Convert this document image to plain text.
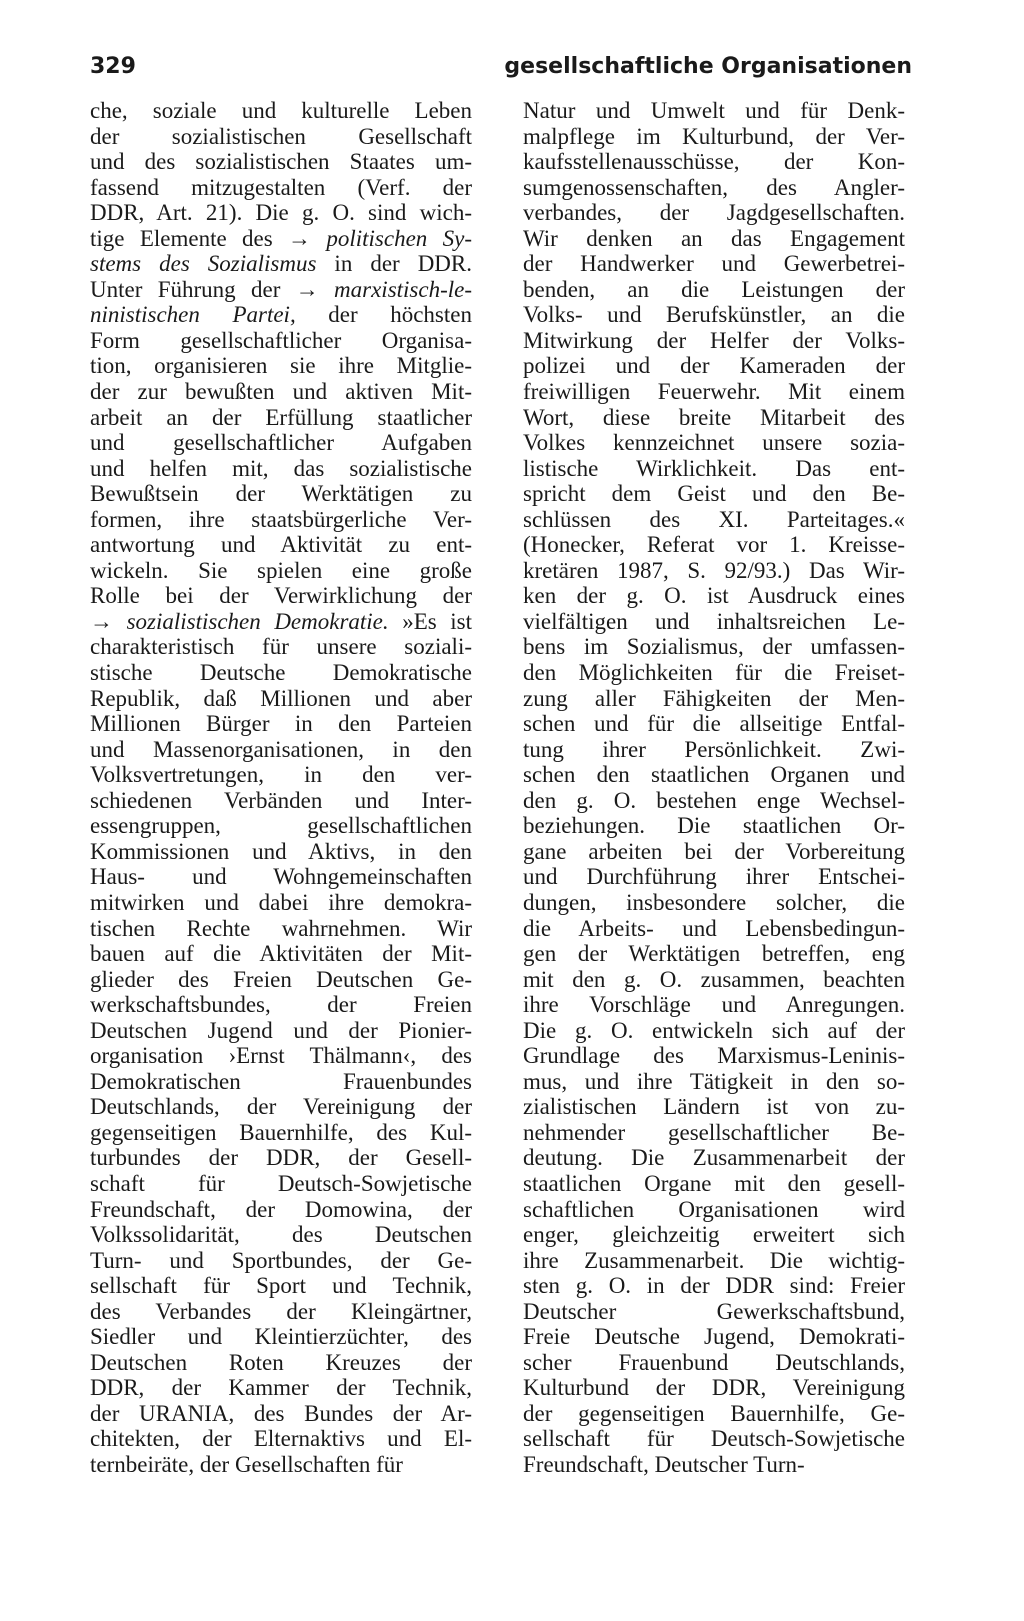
329	gesellschaftliche Organisationen
che, soziale und kulturelle Leben
der sozialistischen Gesellschaft
und des sozialistischen Staates um-
fassend mitzugestalten (Verf. der
DDR, Art. 21). Die g. O. sind wich-
tige Elemente des → politischen Sy-
stems des Sozialismus in der DDR.
Unter Führung der → marxistisch-le-
ninistischen Partei, der höchsten
Form gesellschaftlicher Organisa-
tion, organisieren sie ihre Mitglie-
der zur bewußten und aktiven Mit-
arbeit an der Erfüllung staatlicher
und gesellschaftlicher Aufgaben
und helfen mit, das sozialistische
Bewußtsein der Werktätigen zu
formen, ihre staatsbürgerliche Ver-
antwortung und Aktivität zu ent-
wickeln. Sie spielen eine große
Rolle bei der Verwirklichung der
→ sozialistischen Demokratie. »Es ist
charakteristisch für unsere soziali-
stische Deutsche Demokratische
Republik, daß Millionen und aber
Millionen Bürger in den Parteien
und Massenorganisationen, in den
Volksvertretungen, in den ver-
schiedenen Verbänden und Inter-
essengruppen, gesellschaftlichen
Kommissionen und Aktivs, in den
Haus- und Wohngemeinschaften
mitwirken und dabei ihre demokra-
tischen Rechte wahrnehmen. Wir
bauen auf die Aktivitäten der Mit-
glieder des Freien Deutschen Ge-
werkschaftsbundes, der Freien
Deutschen Jugend und der Pionier-
organisation ›Ernst Thälmann‹, des
Demokratischen Frauenbundes
Deutschlands, der Vereinigung der
gegenseitigen Bauernhilfe, des Kul-
turbundes der DDR, der Gesell-
schaft für Deutsch-Sowjetische
Freundschaft, der Domowina, der
Volkssolidarität, des Deutschen
Turn- und Sportbundes, der Ge-
sellschaft für Sport und Technik,
des Verbandes der Kleingärtner,
Siedler und Kleintierzüchter, des
Deutschen Roten Kreuzes der
DDR, der Kammer der Technik,
der URANIA, des Bundes der Ar-
chitekten, der Elternaktivs und El-
ternbeiräte, der Gesellschaften für
Natur und Umwelt und für Denk-
malpflege im Kulturbund, der Ver-
kaufsstellenausschüsse, der Kon-
sumgenossenschaften, des Angler-
verbandes, der Jagdgesellschaften.
Wir denken an das Engagement
der Handwerker und Gewerbetrei-
benden, an die Leistungen der
Volks- und Berufskünstler, an die
Mitwirkung der Helfer der Volks-
polizei und der Kameraden der
freiwilligen Feuerwehr. Mit einem
Wort, diese breite Mitarbeit des
Volkes kennzeichnet unsere sozia-
listische Wirklichkeit. Das ent-
spricht dem Geist und den Be-
schlüssen des XI. Parteitages.«
(Honecker, Referat vor 1. Kreisse-
kretären 1987, S. 92/93.) Das Wir-
ken der g. O. ist Ausdruck eines
vielfältigen und inhaltsreichen Le-
bens im Sozialismus, der umfassen-
den Möglichkeiten für die Freiset-
zung aller Fähigkeiten der Men-
schen und für die allseitige Entfal-
tung ihrer Persönlichkeit. Zwi-
schen den staatlichen Organen und
den g. O. bestehen enge Wechsel-
beziehungen. Die staatlichen Or-
gane arbeiten bei der Vorbereitung
und Durchführung ihrer Entschei-
dungen, insbesondere solcher, die
die Arbeits- und Lebensbedingun-
gen der Werktätigen betreffen, eng
mit den g. O. zusammen, beachten
ihre Vorschläge und Anregungen.
Die g. O. entwickeln sich auf der
Grundlage des Marxismus-Leninis-
mus, und ihre Tätigkeit in den so-
zialistischen Ländern ist von zu-
nehmender gesellschaftlicher Be-
deutung. Die Zusammenarbeit der
staatlichen Organe mit den gesell-
schaftlichen Organisationen wird
enger, gleichzeitig erweitert sich
ihre Zusammenarbeit. Die wichtig-
sten g. O. in der DDR sind: Freier
Deutscher Gewerkschaftsbund,
Freie Deutsche Jugend, Demokrati-
scher Frauenbund Deutschlands,
Kulturbund der DDR, Vereinigung
der gegenseitigen Bauernhilfe, Ge-
sellschaft für Deutsch-Sowjetische
Freundschaft, Deutscher Turn-
